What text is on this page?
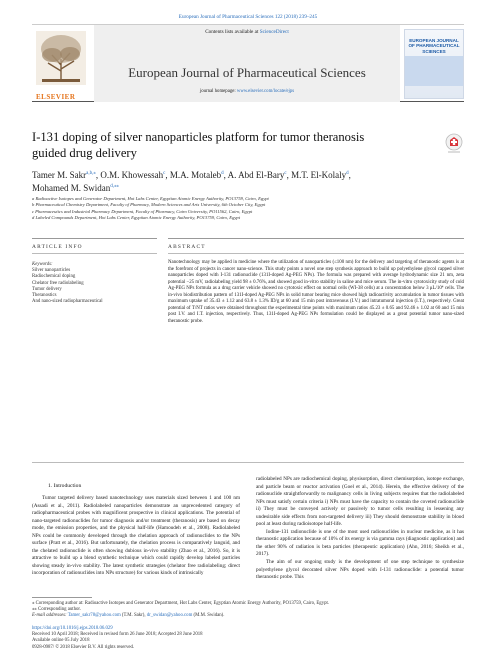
European Journal of Pharmaceutical Sciences 122 (2018) 239–245
ELSEVIER
Contents lists available at ScienceDirect
European Journal of Pharmaceutical Sciences
journal homepage: www.elsevier.com/locate/ejps
EUROPEAN JOURNAL OF PHARMACEUTICAL SCIENCES
I-131 doping of silver nanoparticles platform for tumor theranosis guided drug delivery
Tamer M. Sakr$^{a,b,⁎}$, O.M. Khowessah$^c$, M.A. Motaleb$^d$, A. Abd El-Bary$^c$, M.T. El-Kolaly$^d$,
Mohamed M. Swidan$^{d,⁎⁎}$
a Radioactive Isotopes and Generator Department, Hot Labs Center, Egyptian Atomic Energy Authority, PO13759, Cairo, Egypt
b Pharmaceutical Chemistry Department, Faculty of Pharmacy, Modern Sciences and Arts University, 6th October City, Egypt
c Pharmaceutics and Industrial Pharmacy Department, Faculty of Pharmacy, Cairo University, PO11562, Cairo, Egypt
d Labeled Compounds Department, Hot Labs Center, Egyptian Atomic Energy Authority, PO13759, Cairo, Egypt
ARTICLE INFO	ABSTRACT
Keywords:
Silver nanoparticles
Radiochemical doping
Chelator free radiolabeling
Tumor delivery
Theranostics
And nano-sized radiopharmaceutical
Nanotechnology may be applied in medicine where the utilization of nanoparticles (≤100 nm) for the delivery and targeting of theranostic agents is at the forefront of projects in cancer nano-science. This study points a novel one step synthesis approach to build up polyethylene glycol capped silver nanoparticles doped with I-131 radionuclide (131I-doped Ag-PEG NPs). The formula was prepared with average hydrodynamic size 21 nm, zeta potential −25 mV, radiolabeling yield 98 ± 0.76%, and showed good in-vitro stability in saline and mice serum. The in-vitro cytotoxicity study of cold Ag-PEG NPs formula as a drug carrier vehicle showed no cytotoxic effect on normal cells (WI-38 cells) at a concentration below 3 μL/10⁴ cells. The in-vivo biodistribution pattern of 131I-doped Ag-PEG NPs in solid tumor bearing mice showed high radioactivity accumulation in tumor tissues with maximum uptake of 35.43 ± 1.12 and 63.8 ± 1.3% ID/g at 60 and 15 min post intravenous (I.V.) and intratumoral injection (I.T.), respectively. Great potential of T/NT ratios were obtained throughout the experimental time points with maximum ratios 45.23 ± 0.65 and 92.46 ± 1.02 at 60 and 15 min post I.V. and I.T. injection, respectively. Thus, 131I-doped Ag-PEG NPs formulation could be displayed as a great potential tumor nano-sized theranostic probe.
1. Introduction

Tumor targeted delivery based nanotechnology uses materials sized between 1 and 100 nm (Assadi et al., 2011). Radiolabeled nanoparticles demonstrate an unprecedented category of radiopharmaceutical probes with magnificent prospective in clinical applications. The potential of nano-targeted radionuclides for tumor diagnosis and/or treatment (theranosis) are based on decay mode, the emission properties, and the physical half-life (Hamoudeh et al., 2008). Radiolabeled NPs could be commonly developed through the chelation approach of radionuclides to the NPs surface (Pratt et al., 2016). But unfortunately, the chelation process is comparatively languid, and the chelated radionuclide is often showing dubious in-vivo stability (Zhao et al., 2016). So, it is attractive to build up a blend synthetic technique which could rapidly develop labeled particles showing steady in-vivo stability. The latest synthetic strategies (chelator free radiolabeling; direct incorporation of radionuclides into NPs structure) for various kinds of intrinsically

radiolabeled NPs are radiochemical doping, physisorption, direct chemisorption, isotope exchange, and particle beam or reactor activation (Goel et al., 2014). Herein, the effective delivery of the radionuclide straightforwardly to malignancy cells in living subjects requires that the radiolabeled NPs must satisfy certain criteria i) NPs must have the capacity to contain the coveted radionuclide ii) They must be conveyed actively or passively to tumor cells resulting in lessening any undesirable side effects from non-targeted delivery iii) They should demonstrate stability in blood pool at least during radioisotope half-life.

Iodine-131 radionuclide is one of the most used radionuclides in nuclear medicine, as it has theranostic application because of 10% of its energy is via gamma rays (diagnostic application) and the other 90% of radiation is beta particles (therapeutic application) (Ahn, 2016; Sheikh et al., 2017).

The aim of our ongoing study is the development of one step technique to synthesize polyethylene glycol decorated silver NPs doped with I-131 radionuclide: a potential tumor theranostic probe. This

⁎ Corresponding author at: Radioactive Isotopes and Generator Department, Hot Labs Center, Egyptian Atomic Energy Authority, PO13759, Cairo, Egypt.
⁎⁎ Corresponding author.
E-mail addresses: Tamer_sakr78@yahoo.com (T.M. Sakr), dr_swidan@yahoo.com (M.M. Swidan).
https://doi.org/10.1016/j.ejps.2018.06.029
Received 10 April 2018; Received in revised form 26 June 2018; Accepted 28 June 2018
Available online 05 July 2018
0928-0987/ © 2018 Elsevier B.V. All rights reserved.
